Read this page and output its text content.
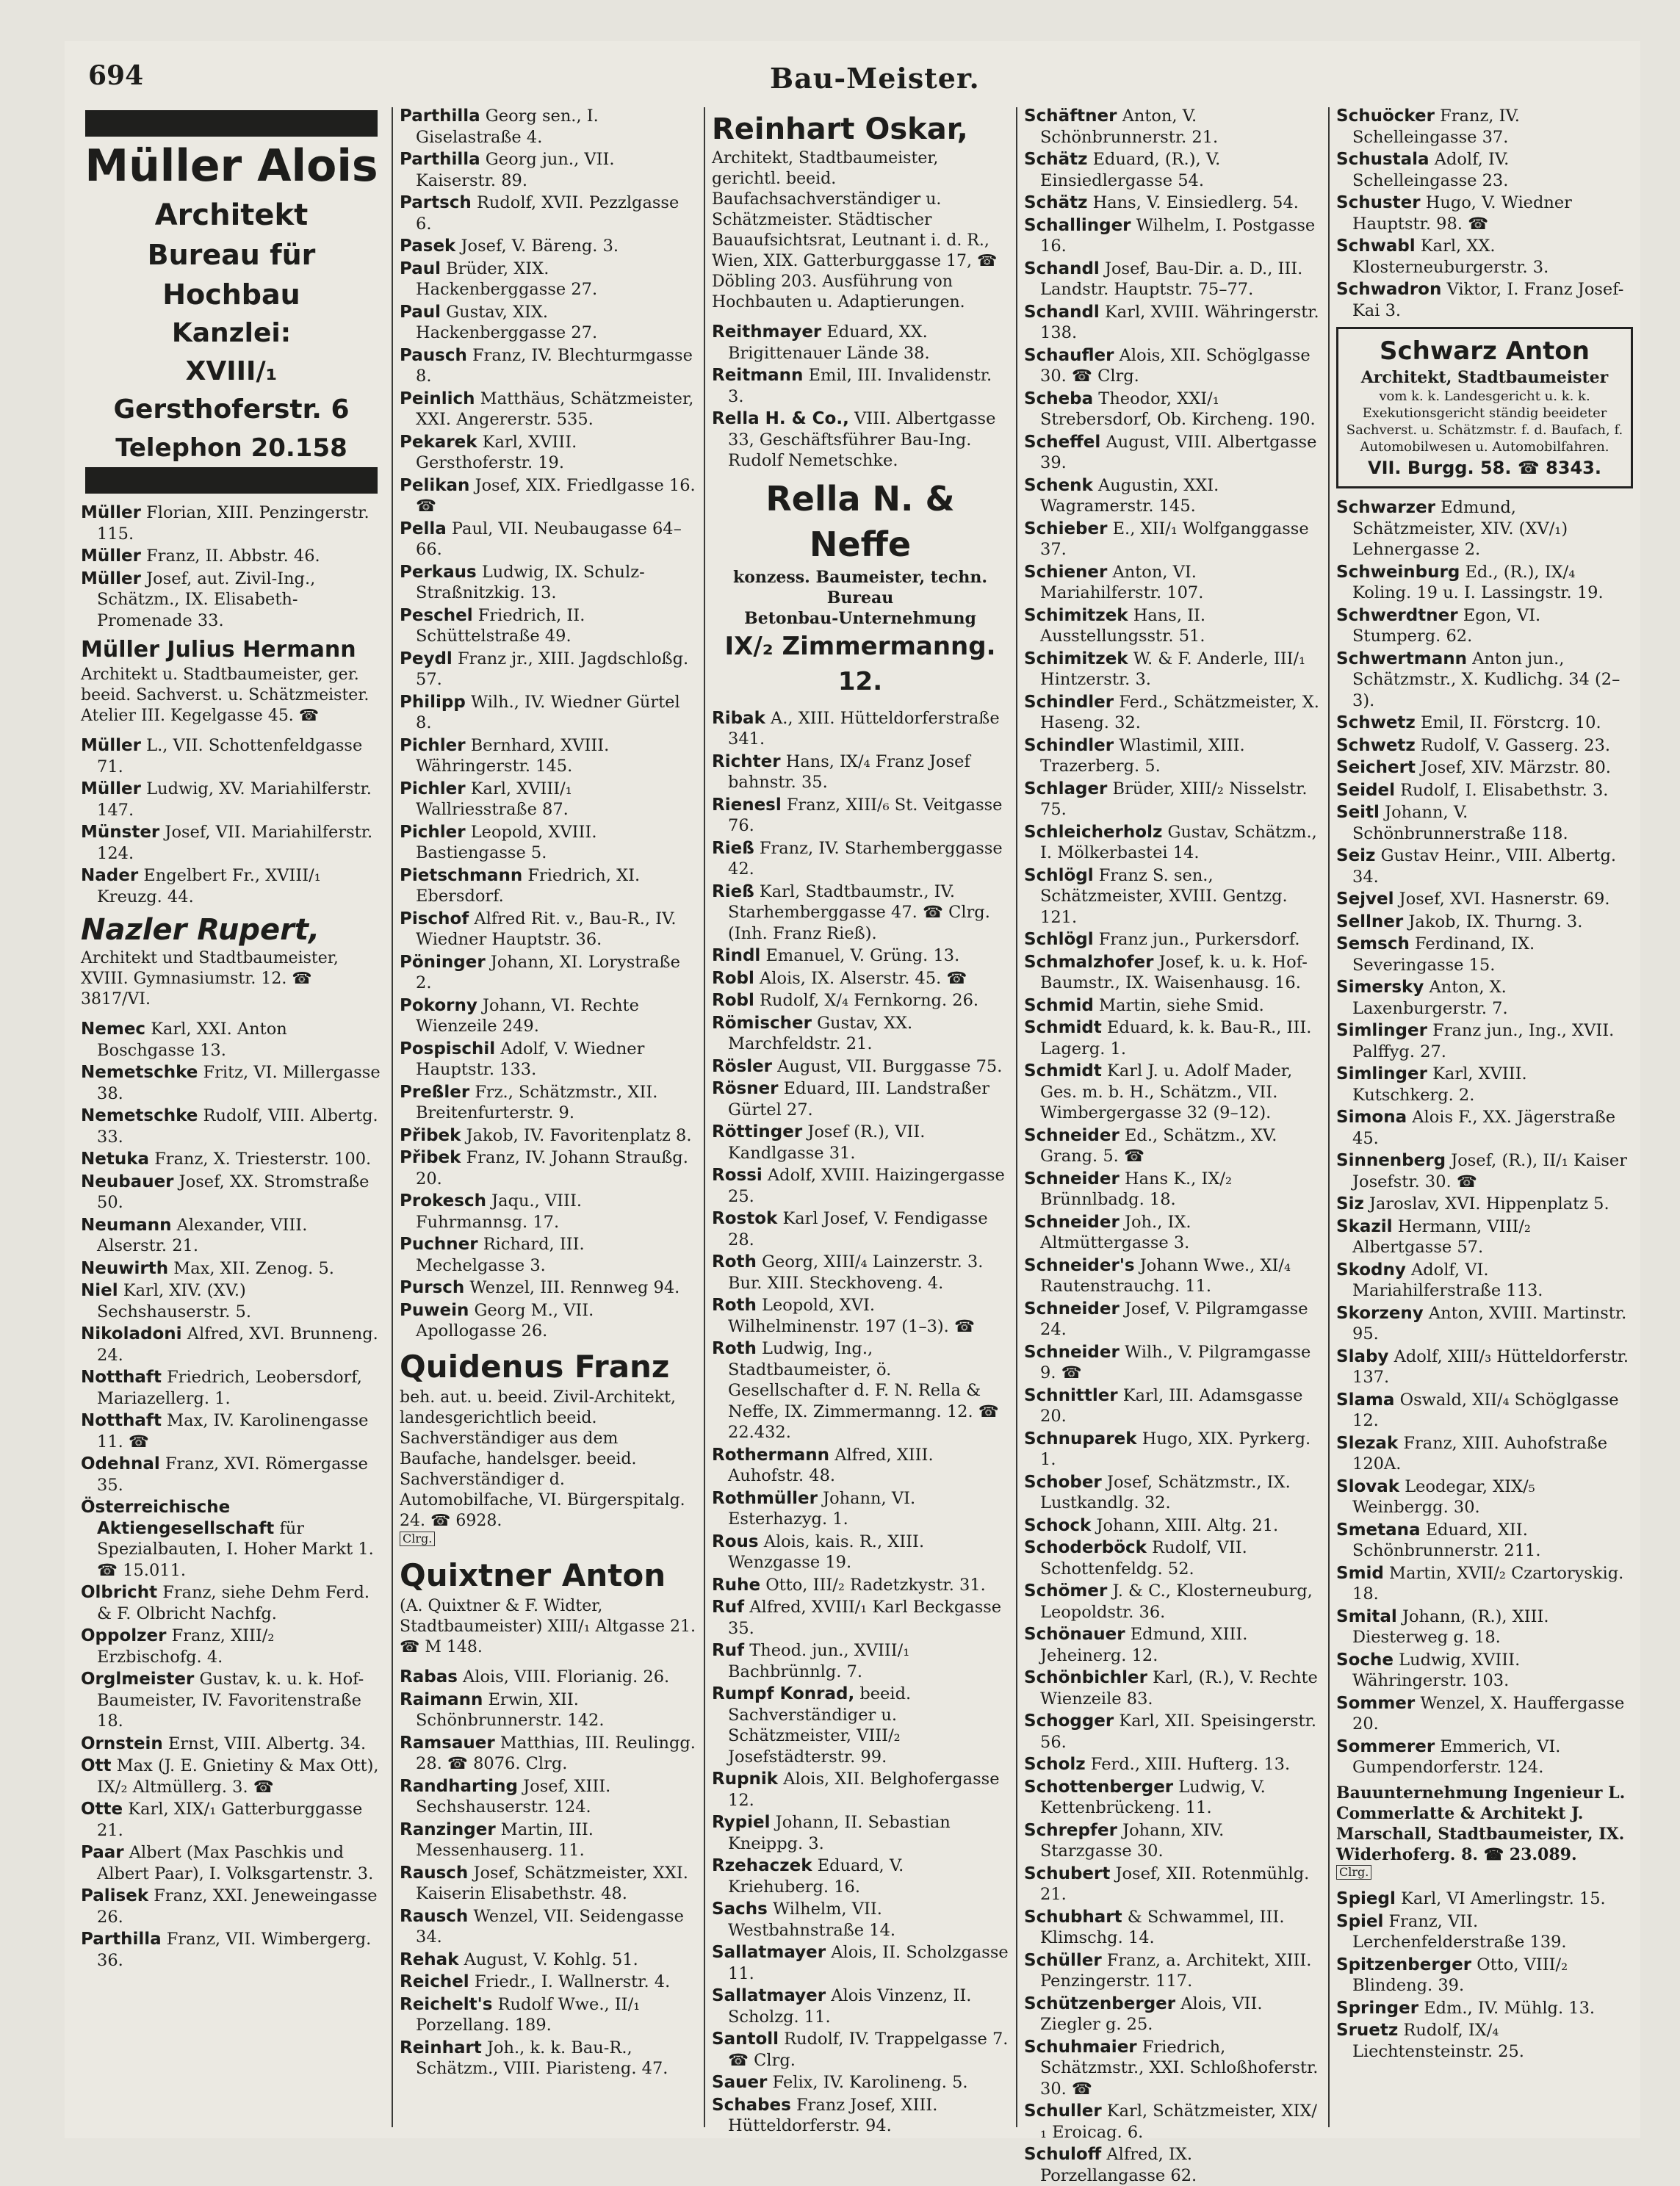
694	Bau-Meister.
Müller Alois
Architekt
Bureau für Hochbau
Kanzlei:
XVIII/₁ Gersthoferstr. 6
Telephon 20.158
Müller Florian, XIII. Penzingerstr. 115.
Müller Franz, II. Abbstr. 46.
Müller Josef, aut. Zivil-Ing., Schätzm., IX. Elisabeth-Promenade 33.
Müller Julius Hermann
Architekt u. Stadtbaumeister, ger. beeid. Sachverst. u. Schätzmeister. Atelier III. Kegelgasse 45. ☎
Müller L., VII. Schottenfeldgasse 71.
Müller Ludwig, XV. Mariahilferstr. 147.
Münster Josef, VII. Mariahilferstr. 124.
Nader Engelbert Fr., XVIII/₁ Kreuzg. 44.
Nazler Rupert,
Architekt und Stadtbaumeister, XVIII. Gymnasiumstr. 12. ☎ 3817/VI.
Nemec Karl, XXI. Anton Boschgasse 13.
Nemetschke Fritz, VI. Millergasse 38.
Nemetschke Rudolf, VIII. Albertg. 33.
Netuka Franz, X. Triesterstr. 100.
Neubauer Josef, XX. Stromstraße 50.
Neumann Alexander, VIII. Alserstr. 21.
Neuwirth Max, XII. Zenog. 5.
Niel Karl, XIV. (XV.) Sechshauserstr. 5.
Nikoladoni Alfred, XVI. Brunneng. 24.
Notthaft Friedrich, Leobersdorf, Mariazellerg. 1.
Notthaft Max, IV. Karolinengasse 11. ☎
Odehnal Franz, XVI. Römergasse 35.
Österreichische Aktiengesellschaft für Spezialbauten, I. Hoher Markt 1. ☎ 15.011.
Olbricht Franz, siehe Dehm Ferd. & F. Olbricht Nachfg.
Oppolzer Franz, XIII/₂ Erzbischofg. 4.
Orglmeister Gustav, k. u. k. Hof-Baumeister, IV. Favoritenstraße 18.
Ornstein Ernst, VIII. Albertg. 34.
Ott Max (J. E. Gnietiny & Max Ott), IX/₂ Altmüllerg. 3. ☎
Otte Karl, XIX/₁ Gatterburggasse 21.
Paar Albert (Max Paschkis und Albert Paar), I. Volksgartenstr. 3.
Palisek Franz, XXI. Jeneweingasse 26.
Parthilla Franz, VII. Wimbergerg. 36.
Parthilla Georg sen., I. Giselastraße 4.
Parthilla Georg jun., VII. Kaiserstr. 89.
Partsch Rudolf, XVII. Pezzlgasse 6.
Pasek Josef, V. Bäreng. 3.
Paul Brüder, XIX. Hackenberggasse 27.
Paul Gustav, XIX. Hackenberggasse 27.
Pausch Franz, IV. Blechturmgasse 8.
Peinlich Matthäus, Schätzmeister, XXI. Angererstr. 535.
Pekarek Karl, XVIII. Gersthoferstr. 19.
Pelikan Josef, XIX. Friedlgasse 16. ☎
Pella Paul, VII. Neubaugasse 64–66.
Perkaus Ludwig, IX. Schulz-Straßnitzkig. 13.
Peschel Friedrich, II. Schüttelstraße 49.
Peydl Franz jr., XIII. Jagdschloßg. 57.
Philipp Wilh., IV. Wiedner Gürtel 8.
Pichler Bernhard, XVIII. Währingerstr. 145.
Pichler Karl, XVIII/₁ Wallriesstraße 87.
Pichler Leopold, XVIII. Bastiengasse 5.
Pietschmann Friedrich, XI. Ebersdorf.
Pischof Alfred Rit. v., Bau-R., IV. Wiedner Hauptstr. 36.
Pöninger Johann, XI. Lorystraße 2.
Pokorny Johann, VI. Rechte Wienzeile 249.
Pospischil Adolf, V. Wiedner Hauptstr. 133.
Preßler Frz., Schätzmstr., XII. Breitenfurterstr. 9.
Přibek Jakob, IV. Favoritenplatz 8.
Přibek Franz, IV. Johann Straußg. 20.
Prokesch Jaqu., VIII. Fuhrmannsg. 17.
Puchner Richard, III. Mechelgasse 3.
Pursch Wenzel, III. Rennweg 94.
Puwein Georg M., VII. Apollogasse 26.
Quidenus Franz
beh. aut. u. beeid. Zivil-Architekt, landesgerichtlich beeid. Sachverständiger aus dem Baufache, handelsger. beeid. Sachverständiger d. Automobilfache, VI. Bürgerspitalg. 24. ☎ 6928.
Clrg.
Quixtner Anton
(A. Quixtner & F. Widter, Stadtbaumeister) XIII/₁ Altgasse 21. ☎ M 148.
Rabas Alois, VIII. Florianig. 26.
Raimann Erwin, XII. Schönbrunnerstr. 142.
Ramsauer Matthias, III. Reulingg. 28. ☎ 8076. Clrg.
Randharting Josef, XIII. Sechshauserstr. 124.
Ranzinger Martin, III. Messenhauserg. 11.
Rausch Josef, Schätzmeister, XXI. Kaiserin Elisabethstr. 48.
Rausch Wenzel, VII. Seidengasse 34.
Rehak August, V. Kohlg. 51.
Reichel Friedr., I. Wallnerstr. 4.
Reichelt's Rudolf Wwe., II/₁ Porzellang. 189.
Reinhart Joh., k. k. Bau-R., Schätzm., VIII. Piaristeng. 47.
Reinhart Oskar,
Architekt, Stadtbaumeister, gerichtl. beeid. Baufachsachverständiger u. Schätzmeister. Städtischer Bauaufsichtsrat, Leutnant i. d. R., Wien, XIX. Gatterburggasse 17, ☎ Döbling 203. Ausführung von Hochbauten u. Adaptierungen.
Reithmayer Eduard, XX. Brigittenauer Lände 38.
Reitmann Emil, III. Invalidenstr. 3.
Rella H. & Co., VIII. Albertgasse 33, Geschäftsführer Bau-Ing. Rudolf Nemetschke.
Rella N. & Neffe
konzess. Baumeister, techn. Bureau
Betonbau-Unternehmung
IX/₂ Zimmermanng. 12.
Ribak A., XIII. Hütteldorferstraße 341.
Richter Hans, IX/₄ Franz Josef bahnstr. 35.
Rienesl Franz, XIII/₆ St. Veitgasse 76.
Rieß Franz, IV. Starhemberggasse 42.
Rieß Karl, Stadtbaumstr., IV. Starhemberggasse 47. ☎ Clrg. (Inh. Franz Rieß).
Rindl Emanuel, V. Grüng. 13.
Robl Alois, IX. Alserstr. 45. ☎
Robl Rudolf, X/₄ Fernkorng. 26.
Römischer Gustav, XX. Marchfeldstr. 21.
Rösler August, VII. Burggasse 75.
Rösner Eduard, III. Landstraßer Gürtel 27.
Röttinger Josef (R.), VII. Kandlgasse 31.
Rossi Adolf, XVIII. Haizingergasse 25.
Rostok Karl Josef, V. Fendigasse 28.
Roth Georg, XIII/₄ Lainzerstr. 3. Bur. XIII. Steckhoveng. 4.
Roth Leopold, XVI. Wilhelminenstr. 197 (1–3). ☎
Roth Ludwig, Ing., Stadtbaumeister, ö. Gesellschafter d. F. N. Rella & Neffe, IX. Zimmermanng. 12. ☎ 22.432.
Rothermann Alfred, XIII. Auhofstr. 48.
Rothmüller Johann, VI. Esterhazyg. 1.
Rous Alois, kais. R., XIII. Wenzgasse 19.
Ruhe Otto, III/₂ Radetzkystr. 31.
Ruf Alfred, XVIII/₁ Karl Beckgasse 35.
Ruf Theod. jun., XVIII/₁ Bachbrünnlg. 7.
Rumpf Konrad, beeid. Sachverständiger u. Schätzmeister, VIII/₂ Josefstädterstr. 99.
Rupnik Alois, XII. Belghofergasse 12.
Rypiel Johann, II. Sebastian Kneippg. 3.
Rzehaczek Eduard, V. Kriehuberg. 16.
Sachs Wilhelm, VII. Westbahnstraße 14.
Sallatmayer Alois, II. Scholzgasse 11.
Sallatmayer Alois Vinzenz, II. Scholzg. 11.
Santoll Rudolf, IV. Trappelgasse 7. ☎ Clrg.
Sauer Felix, IV. Karolineng. 5.
Schabes Franz Josef, XIII. Hütteldorferstr. 94.
Schäftner Anton, V. Schönbrunnerstr. 21.
Schätz Eduard, (R.), V. Einsiedlergasse 54.
Schätz Hans, V. Einsiedlerg. 54.
Schallinger Wilhelm, I. Postgasse 16.
Schandl Josef, Bau-Dir. a. D., III. Landstr. Hauptstr. 75–77.
Schandl Karl, XVIII. Währingerstr. 138.
Schaufler Alois, XII. Schöglgasse 30. ☎ Clrg.
Scheba Theodor, XXI/₁ Strebersdorf, Ob. Kircheng. 190.
Scheffel August, VIII. Albertgasse 39.
Schenk Augustin, XXI. Wagramerstr. 145.
Schieber E., XII/₁ Wolfganggasse 37.
Schiener Anton, VI. Mariahilferstr. 107.
Schimitzek Hans, II. Ausstellungsstr. 51.
Schimitzek W. & F. Anderle, III/₁ Hintzerstr. 3.
Schindler Ferd., Schätzmeister, X. Haseng. 32.
Schindler Wlastimil, XIII. Trazerberg. 5.
Schlager Brüder, XIII/₂ Nisselstr. 75.
Schleicherholz Gustav, Schätzm., I. Mölkerbastei 14.
Schlögl Franz S. sen., Schätzmeister, XVIII. Gentzg. 121.
Schlögl Franz jun., Purkersdorf.
Schmalzhofer Josef, k. u. k. Hof-Baumstr., IX. Waisenhausg. 16.
Schmid Martin, siehe Smid.
Schmidt Eduard, k. k. Bau-R., III. Lagerg. 1.
Schmidt Karl J. u. Adolf Mader, Ges. m. b. H., Schätzm., VII. Wimbergergasse 32 (9–12).
Schneider Ed., Schätzm., XV. Grang. 5. ☎
Schneider Hans K., IX/₂ Brünnlbadg. 18.
Schneider Joh., IX. Altmüttergasse 3.
Schneider's Johann Wwe., XI/₄ Rautenstrauchg. 11.
Schneider Josef, V. Pilgramgasse 24.
Schneider Wilh., V. Pilgramgasse 9. ☎
Schnittler Karl, III. Adamsgasse 20.
Schnuparek Hugo, XIX. Pyrkerg. 1.
Schober Josef, Schätzmstr., IX. Lustkandlg. 32.
Schock Johann, XIII. Altg. 21.
Schoderböck Rudolf, VII. Schottenfeldg. 52.
Schömer J. & C., Klosterneuburg, Leopoldstr. 36.
Schönauer Edmund, XIII. Jeheinerg. 12.
Schönbichler Karl, (R.), V. Rechte Wienzeile 83.
Schogger Karl, XII. Speisingerstr. 56.
Scholz Ferd., XIII. Hufterg. 13.
Schottenberger Ludwig, V. Kettenbrückeng. 11.
Schrepfer Johann, XIV. Starzgasse 30.
Schubert Josef, XII. Rotenmühlg. 21.
Schubhart & Schwammel, III. Klimschg. 14.
Schüller Franz, a. Architekt, XIII. Penzingerstr. 117.
Schützenberger Alois, VII. Ziegler g. 25.
Schuhmaier Friedrich, Schätzmstr., XXI. Schloßhoferstr. 30. ☎
Schuller Karl, Schätzmeister, XIX/₁ Eroicag. 6.
Schuloff Alfred, IX. Porzellangasse 62.
Schuöcker Franz, IV. Schelleingasse 37.
Schustala Adolf, IV. Schelleingasse 23.
Schuster Hugo, V. Wiedner Hauptstr. 98. ☎
Schwabl Karl, XX. Klosterneuburgerstr. 3.
Schwadron Viktor, I. Franz Josef-Kai 3.
Schwarz Anton
Architekt, Stadtbaumeister
vom k. k. Landesgericht u. k. k. Exekutionsgericht ständig beeideter Sachverst. u. Schätzmstr. f. d. Baufach, f. Automobilwesen u. Automobilfahren.
VII. Burgg. 58. ☎ 8343.
Schwarzer Edmund, Schätzmeister, XIV. (XV/₁) Lehnergasse 2.
Schweinburg Ed., (R.), IX/₄ Koling. 19 u. I. Lassingstr. 19.
Schwerdtner Egon, VI. Stumperg. 62.
Schwertmann Anton jun., Schätzmstr., X. Kudlichg. 34 (2–3).
Schwetz Emil, II. Förstcrg. 10.
Schwetz Rudolf, V. Gasserg. 23.
Seichert Josef, XIV. Märzstr. 80.
Seidel Rudolf, I. Elisabethstr. 3.
Seitl Johann, V. Schönbrunnerstraße 118.
Seiz Gustav Heinr., VIII. Albertg. 34.
Sejvel Josef, XVI. Hasnerstr. 69.
Sellner Jakob, IX. Thurng. 3.
Semsch Ferdinand, IX. Severingasse 15.
Simersky Anton, X. Laxenburgerstr. 7.
Simlinger Franz jun., Ing., XVII. Palffyg. 27.
Simlinger Karl, XVIII. Kutschkerg. 2.
Simona Alois F., XX. Jägerstraße 45.
Sinnenberg Josef, (R.), II/₁ Kaiser Josefstr. 30. ☎
Siz Jaroslav, XVI. Hippenplatz 5.
Skazil Hermann, VIII/₂ Albertgasse 57.
Skodny Adolf, VI. Mariahilferstraße 113.
Skorzeny Anton, XVIII. Martinstr. 95.
Slaby Adolf, XIII/₃ Hütteldorferstr. 137.
Slama Oswald, XII/₄ Schöglgasse 12.
Slezak Franz, XIII. Auhofstraße 120A.
Slovak Leodegar, XIX/₅ Weinbergg. 30.
Smetana Eduard, XII. Schönbrunnerstr. 211.
Smid Martin, XVII/₂ Czartoryskig. 18.
Smital Johann, (R.), XIII. Diesterweg g. 18.
Soche Ludwig, XVIII. Währingerstr. 103.
Sommer Wenzel, X. Hauffergasse 20.
Sommerer Emmerich, VI. Gumpendorferstr. 124.
Bauunternehmung Ingenieur L. Commerlatte & Architekt J. Marschall, Stadtbaumeister, IX. Widerhoferg. 8. ☎ 23.089.
Clrg.
Spiegl Karl, VI Amerlingstr. 15.
Spiel Franz, VII. Lerchenfelderstraße 139.
Spitzenberger Otto, VIII/₂ Blindeng. 39.
Springer Edm., IV. Mühlg. 13.
Sruetz Rudolf, IX/₄ Liechtensteinstr. 25.
